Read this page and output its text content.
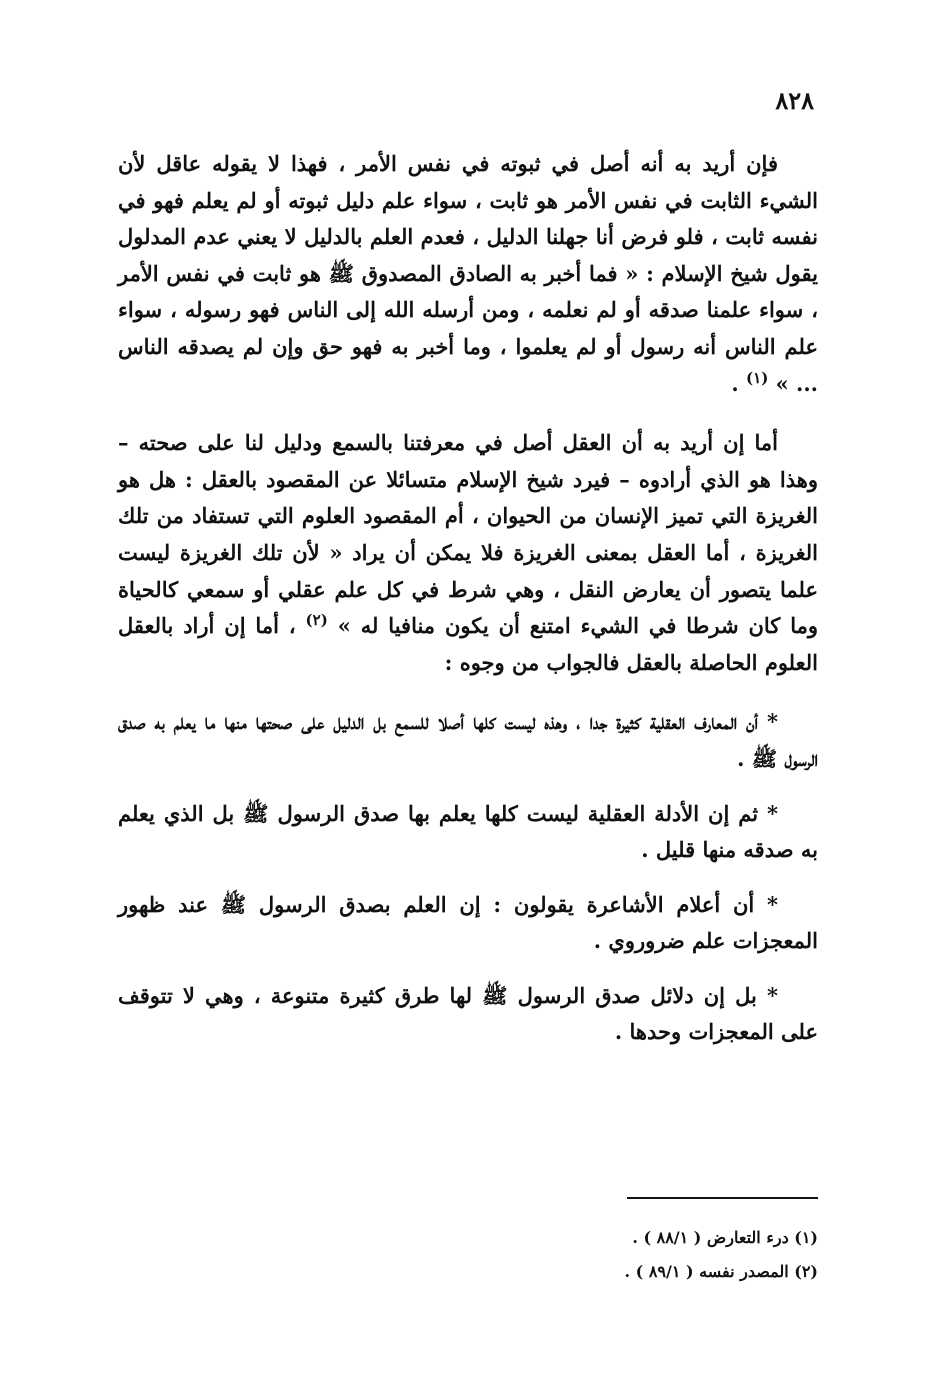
٨٢٨

فإن أريد به أنه أصل في ثبوته في نفس الأمر ، فهذا لا يقوله عاقل لأن الشيء الثابت في نفس الأمر هو ثابت ، سواء علم دليل ثبوته أو لم يعلم فهو في نفسه ثابت ، فلو فرض أنا جهلنا الدليل ، فعدم العلم بالدليل لا يعني عدم المدلول يقول شيخ الإسلام : « فما أخبر به الصادق المصدوق ﷺ هو ثابت في نفس الأمر ، سواء علمنا صدقه أو لم نعلمه ، ومن أرسله الله إلى الناس فهو رسوله ، سواء علم الناس أنه رسول أو لم يعلموا ، وما أخبر به فهو حق وإن لم يصدقه الناس ... » $^{(١)}$ .

أما إن أريد به أن العقل أصل في معرفتنا بالسمع ودليل لنا على صحته – وهذا هو الذي أرادوه – فيرد شيخ الإسلام متسائلا عن المقصود بالعقل : هل هو الغريزة التي تميز الإنسان من الحيوان ، أم المقصود العلوم التي تستفاد من تلك الغريزة ، أما العقل بمعنى الغريزة فلا يمكن أن يراد « لأن تلك الغريزة ليست علما يتصور أن يعارض النقل ، وهي شرط في كل علم عقلي أو سمعي كالحياة وما كان شرطا في الشيء امتنع أن يكون منافيا له » $^{(٢)}$ ، أما إن أراد بالعقل العلوم الحاصلة بالعقل فالجواب من وجوه :

* أن المعارف العقلية كثيرة جدا ، وهذه ليست كلها أصلا للسمع بل الدليل على صحتها منها ما يعلم به صدق الرسول ﷺ .

* ثم إن الأدلة العقلية ليست كلها يعلم بها صدق الرسول ﷺ بل الذي يعلم به صدقه منها قليل .

* أن أعلام الأشاعرة يقولون : إن العلم بصدق الرسول ﷺ عند ظهور المعجزات علم ضروروي .

* بل إن دلائل صدق الرسول ﷺ لها طرق كثيرة متنوعة ، وهي لا تتوقف على المعجزات وحدها .

(١) درء التعارض ( ٨٨/١ ) .

(٢) المصدر نفسه ( ٨٩/١ ) .
